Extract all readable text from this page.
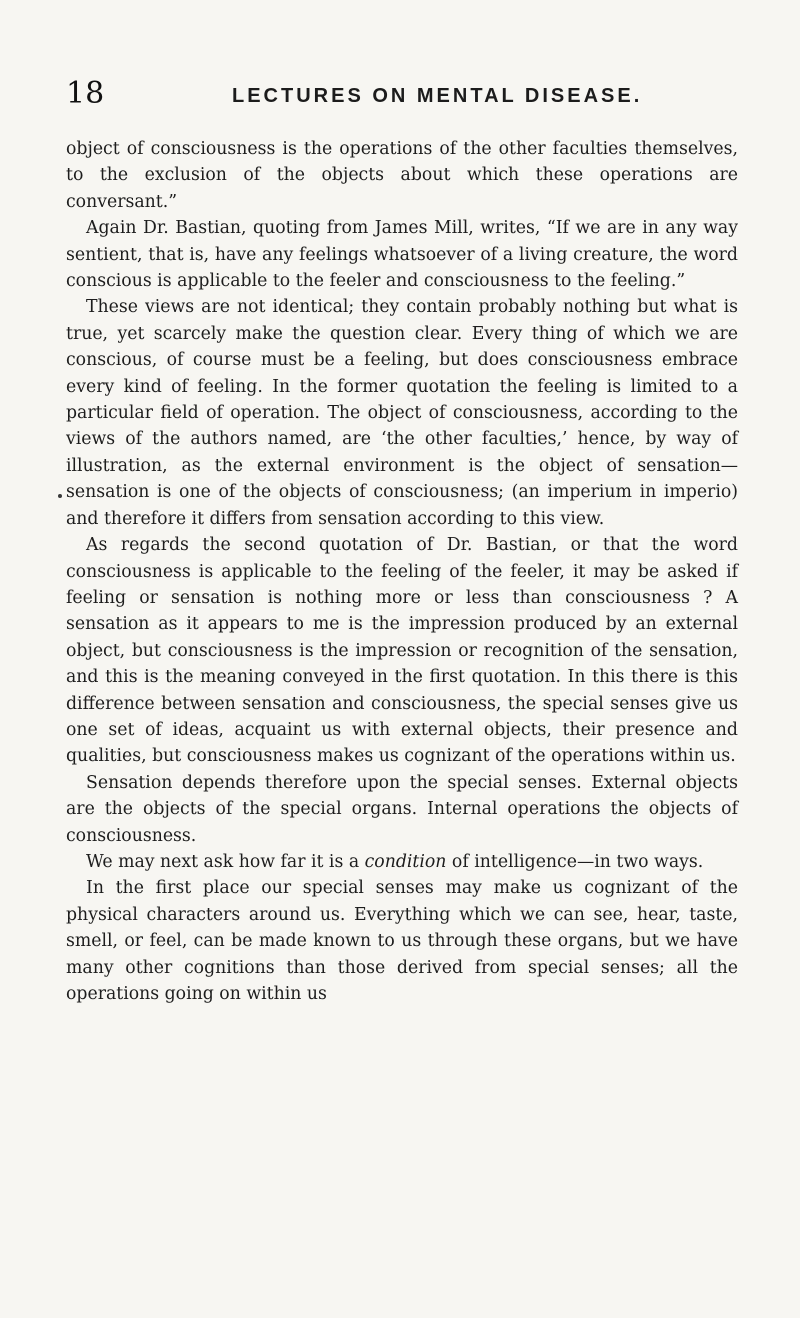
18	LECTURES ON MENTAL DISEASE.

object of consciousness is the operations of the other faculties themselves, to the exclusion of the objects about which these operations are conversant.”

Again Dr. Bastian, quoting from James Mill, writes, “If we are in any way sentient, that is, have any feelings whatsoever of a living creature, the word conscious is applicable to the feeler and consciousness to the feeling.”

These views are not identical; they contain probably nothing but what is true, yet scarcely make the question clear. Every thing of which we are conscious, of course must be a feeling, but does consciousness embrace every kind of feeling. In the former quotation the feeling is limited to a particular field of operation. The object of consciousness, according to the views of the authors named, are ‘the other faculties,’ hence, by way of illustration, as the external environment is the object of sensation—sensation is one of the objects of consciousness; (an imperium in imperio) and therefore it differs from sensation according to this view.

As regards the second quotation of Dr. Bastian, or that the word consciousness is applicable to the feeling of the feeler, it may be asked if feeling or sensation is nothing more or less than consciousness ? A sensation as it appears to me is the impression produced by an external object, but consciousness is the impression or recognition of the sensation, and this is the meaning conveyed in the first quotation. In this there is this difference between sensation and consciousness, the special senses give us one set of ideas, acquaint us with external objects, their presence and qualities, but consciousness makes us cognizant of the operations within us.

Sensation depends therefore upon the special senses. External objects are the objects of the special organs. Internal operations the objects of consciousness.

We may next ask how far it is a condition of intelligence—in two ways.

In the first place our special senses may make us cognizant of the physical characters around us. Everything which we can see, hear, taste, smell, or feel, can be made known to us through these organs, but we have many other cognitions than those derived from special senses; all the operations going on within us
